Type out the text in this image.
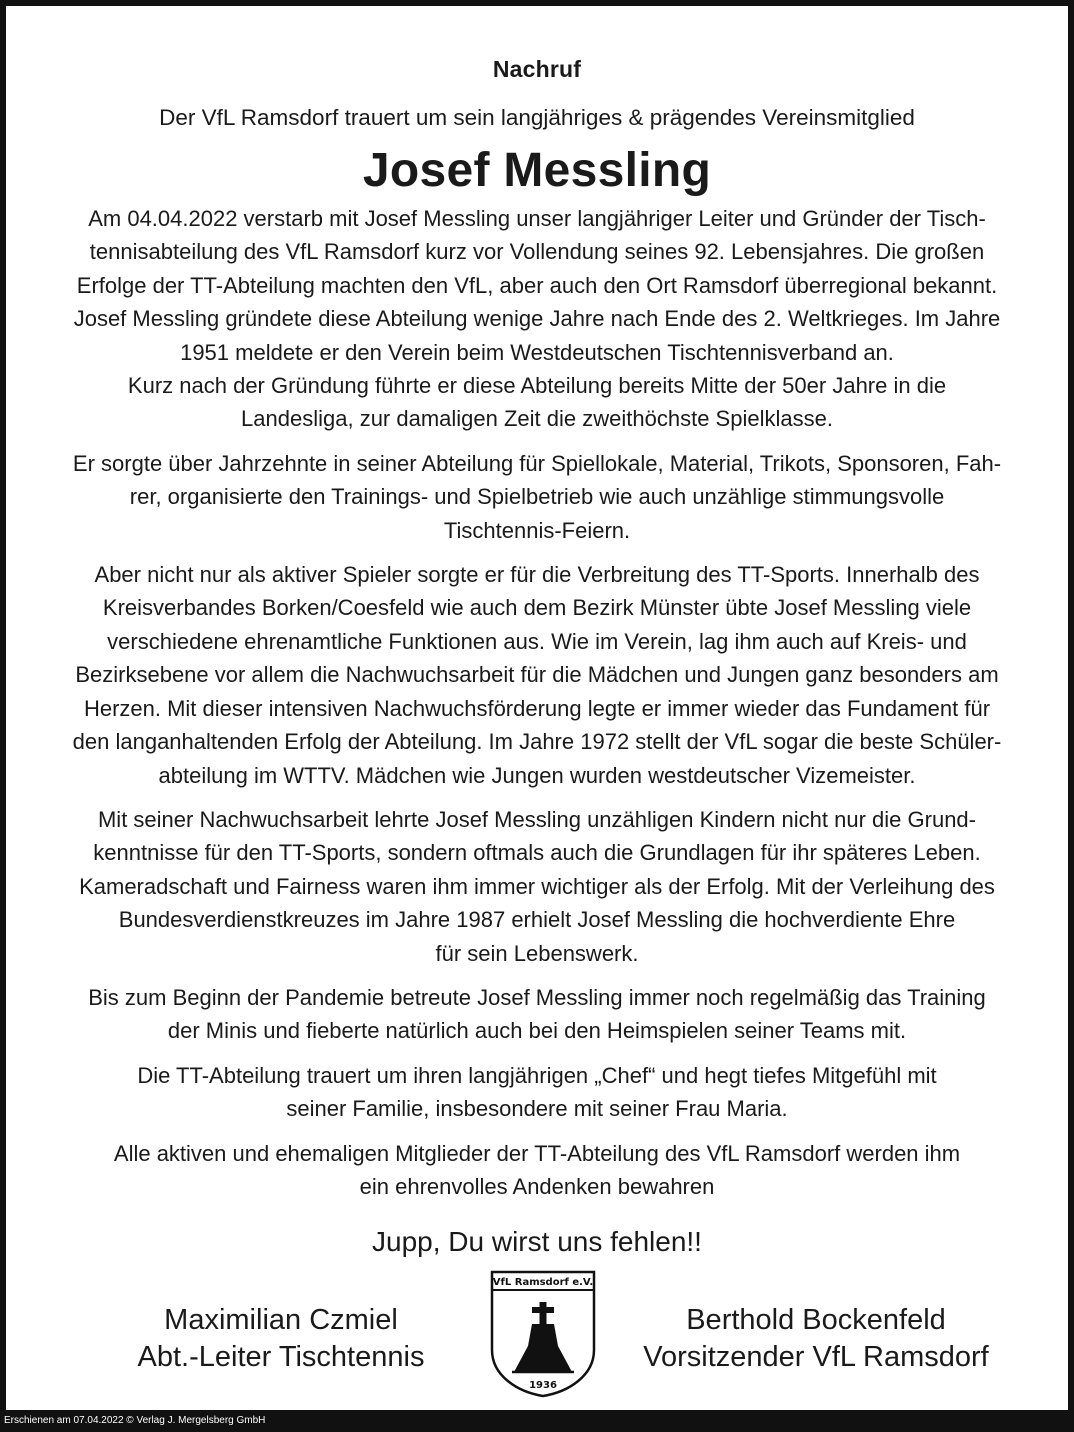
Nachruf
Der VfL Ramsdorf trauert um sein langjähriges & prägendes Vereinsmitglied
Josef Messling

Am 04.04.2022 verstarb mit Josef Messling unser langjähriger Leiter und Gründer der Tisch-
tennisabteilung des VfL Ramsdorf kurz vor Vollendung seines 92. Lebensjahres. Die großen
Erfolge der TT-Abteilung machten den VfL, aber auch den Ort Ramsdorf überregional bekannt.
Josef Messling gründete diese Abteilung wenige Jahre nach Ende des 2. Weltkrieges. Im Jahre
1951 meldete er den Verein beim Westdeutschen Tischtennisverband an.
Kurz nach der Gründung führte er diese Abteilung bereits Mitte der 50er Jahre in die
Landesliga, zur damaligen Zeit die zweithöchste Spielklasse.

Er sorgte über Jahrzehnte in seiner Abteilung für Spiellokale, Material, Trikots, Sponsoren, Fah-
rer, organisierte den Trainings- und Spielbetrieb wie auch unzählige stimmungsvolle
Tischtennis-Feiern.

Aber nicht nur als aktiver Spieler sorgte er für die Verbreitung des TT-Sports. Innerhalb des
Kreisverbandes Borken/Coesfeld wie auch dem Bezirk Münster übte Josef Messling viele
verschiedene ehrenamtliche Funktionen aus. Wie im Verein, lag ihm auch auf Kreis- und
Bezirksebene vor allem die Nachwuchsarbeit für die Mädchen und Jungen ganz besonders am
Herzen. Mit dieser intensiven Nachwuchsförderung legte er immer wieder das Fundament für
den langanhaltenden Erfolg der Abteilung. Im Jahre 1972 stellt der VfL sogar die beste Schüler-
abteilung im WTTV. Mädchen wie Jungen wurden westdeutscher Vizemeister.

Mit seiner Nachwuchsarbeit lehrte Josef Messling unzähligen Kindern nicht nur die Grund-
kenntnisse für den TT-Sports, sondern oftmals auch die Grundlagen für ihr späteres Leben.
Kameradschaft und Fairness waren ihm immer wichtiger als der Erfolg. Mit der Verleihung des
Bundesverdienstkreuzes im Jahre 1987 erhielt Josef Messling die hochverdiente Ehre
für sein Lebenswerk.

Bis zum Beginn der Pandemie betreute Josef Messling immer noch regelmäßig das Training
der Minis und fieberte natürlich auch bei den Heimspielen seiner Teams mit.

Die TT-Abteilung trauert um ihren langjährigen „Chef“ und hegt tiefes Mitgefühl mit
seiner Familie, insbesondere mit seiner Frau Maria.

Alle aktiven und ehemaligen Mitglieder der TT-Abteilung des VfL Ramsdorf werden ihm
ein ehrenvolles Andenken bewahren

Jupp, Du wirst uns fehlen!!
Maximilian Czmiel
Abt.-Leiter Tischtennis
VfL Ramsdorf e.V.
1936
Berthold Bockenfeld
Vorsitzender VfL Ramsdorf
Erschienen am 07.04.2022 © Verlag J. Mergelsberg GmbH
